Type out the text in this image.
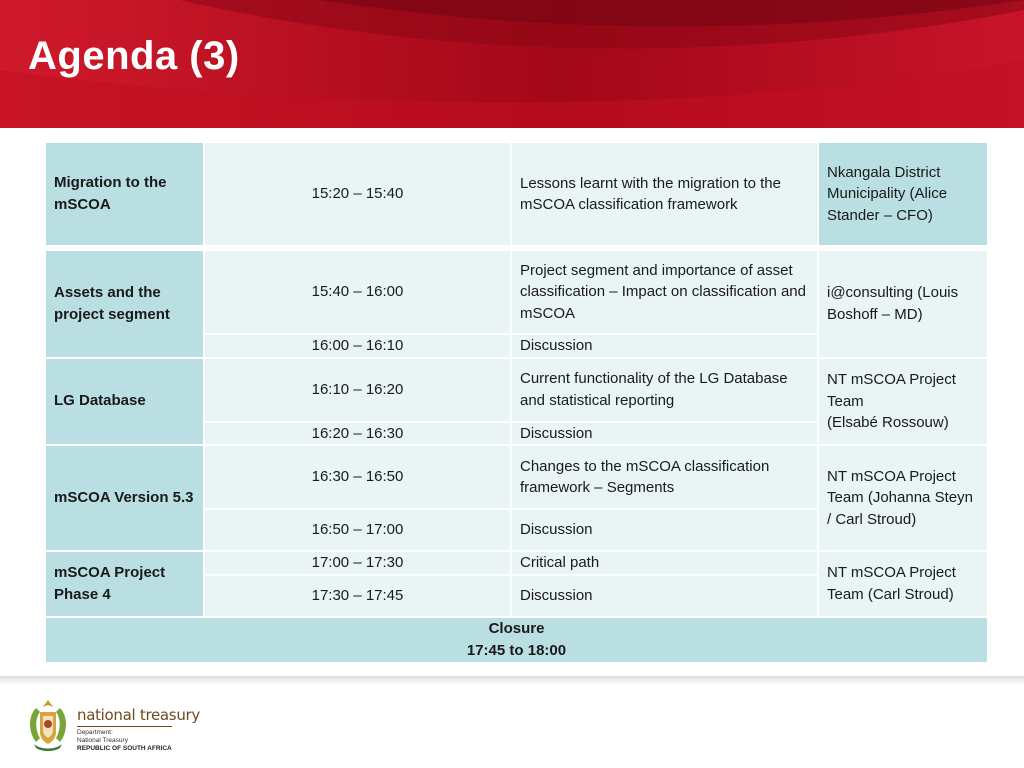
Agenda (3)
Migration to the mSCOA	15:20 – 15:40	Lessons learnt with the migration to the mSCOA classification framework	Nkangala District Municipality (Alice Stander – CFO)

Assets and the project segment	15:40 – 16:00	Project segment and importance of asset classification – Impact on classification and mSCOA	i@consulting (Louis Boshoff – MD)
	16:00 – 16:10	Discussion	
LG Database	16:10 – 16:20	Current functionality of the LG Database and statistical reporting	NT mSCOA Project Team
(Elsabé Rossouw)
	16:20 – 16:30	Discussion	
mSCOA Version 5.3	16:30 – 16:50	Changes to the mSCOA classification framework – Segments	NT mSCOA Project Team (Johanna Steyn / Carl Stroud)
	16:50 – 17:00	Discussion	
mSCOA Project Phase 4	17:00 – 17:30	Critical path	NT mSCOA Project Team (Carl Stroud)
	17:30 – 17:45	Discussion	
Closure
17:45 to 18:00			
national treasury
Department:
National Treasury
REPUBLIC OF SOUTH AFRICA
